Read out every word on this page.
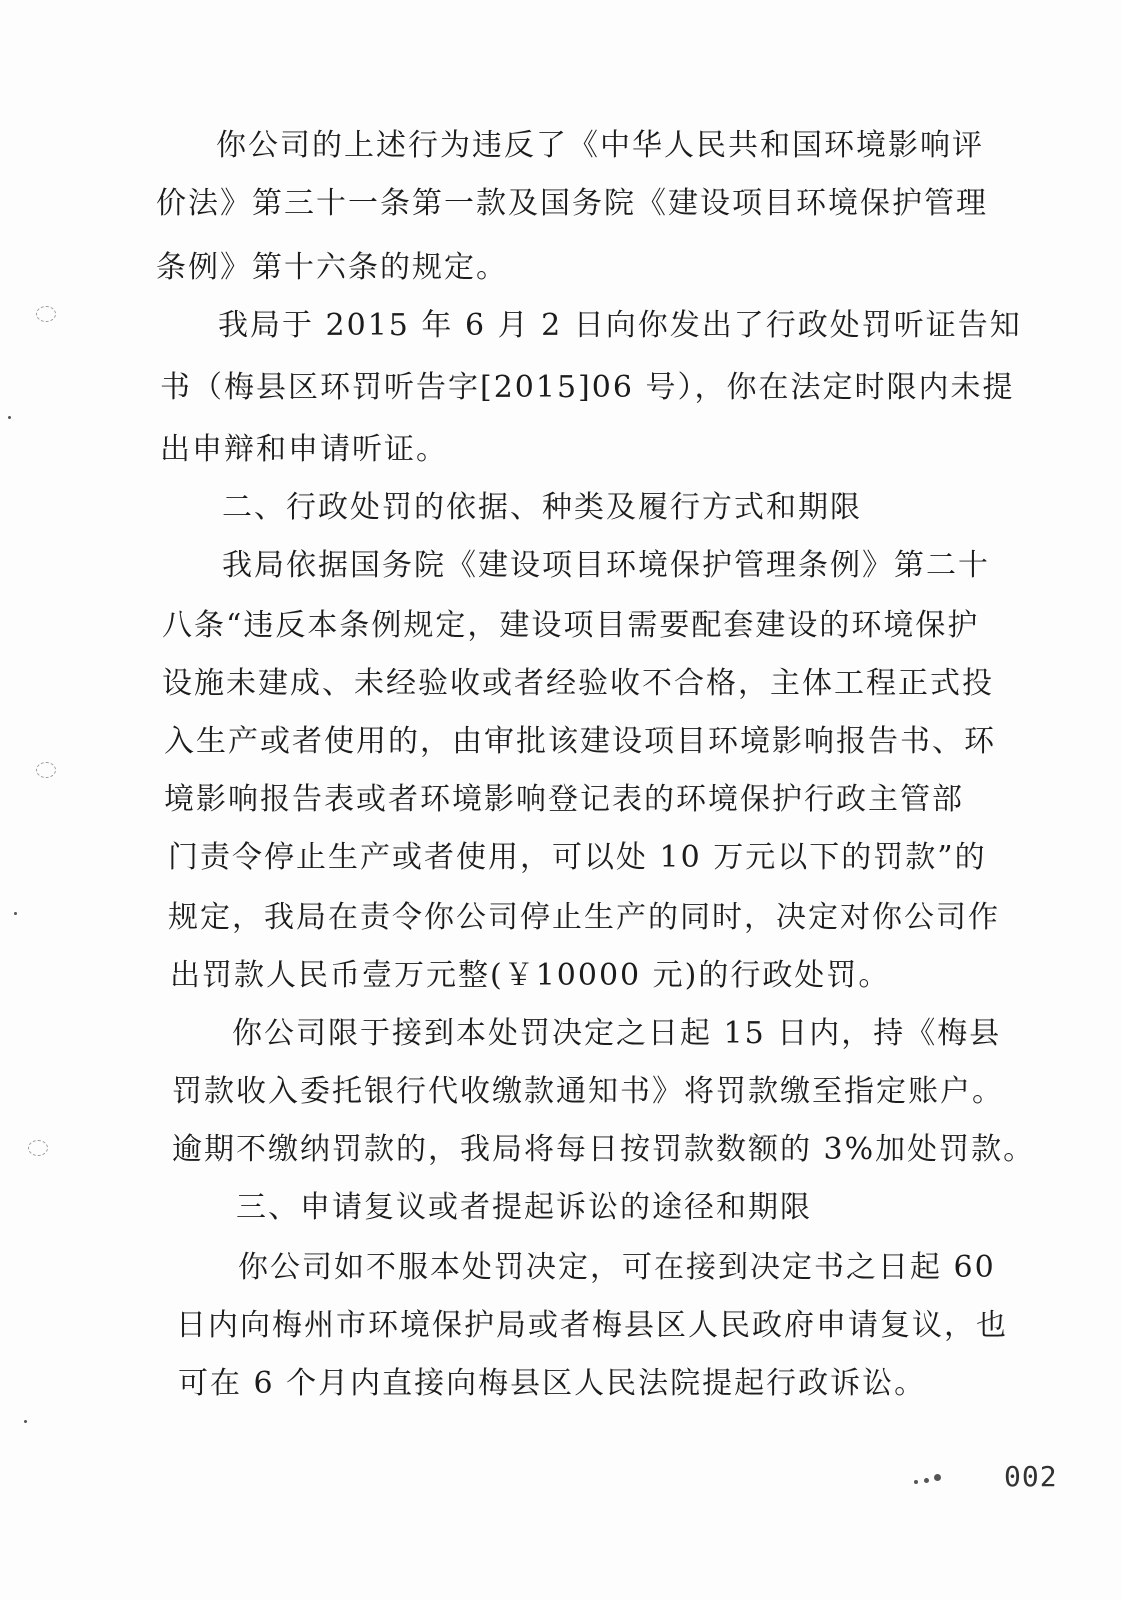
你公司的上述行为违反了《中华人民共和国环境影响评
价法》第三十一条第一款及国务院《建设项目环境保护管理
条例》第十六条的规定。
我局于 2015 年 6 月 2 日向你发出了行政处罚听证告知
书（梅县区环罚听告字[2015]06 号），你在法定时限内未提
出申辩和申请听证。
二、行政处罚的依据、种类及履行方式和期限
我局依据国务院《建设项目环境保护管理条例》第二十
八条“违反本条例规定，建设项目需要配套建设的环境保护
设施未建成、未经验收或者经验收不合格，主体工程正式投
入生产或者使用的，由审批该建设项目环境影响报告书、环
境影响报告表或者环境影响登记表的环境保护行政主管部
门责令停止生产或者使用，可以处 10 万元以下的罚款”的
规定，我局在责令你公司停止生产的同时，决定对你公司作
出罚款人民币壹万元整(￥10000 元)的行政处罚。
你公司限于接到本处罚决定之日起 15 日内，持《梅县
罚款收入委托银行代收缴款通知书》将罚款缴至指定账户。
逾期不缴纳罚款的，我局将每日按罚款数额的 3%加处罚款。
三、申请复议或者提起诉讼的途径和期限
你公司如不服本处罚决定，可在接到决定书之日起 60
日内向梅州市环境保护局或者梅县区人民政府申请复议，也
可在 6 个月内直接向梅县区人民法院提起行政诉讼。
002
